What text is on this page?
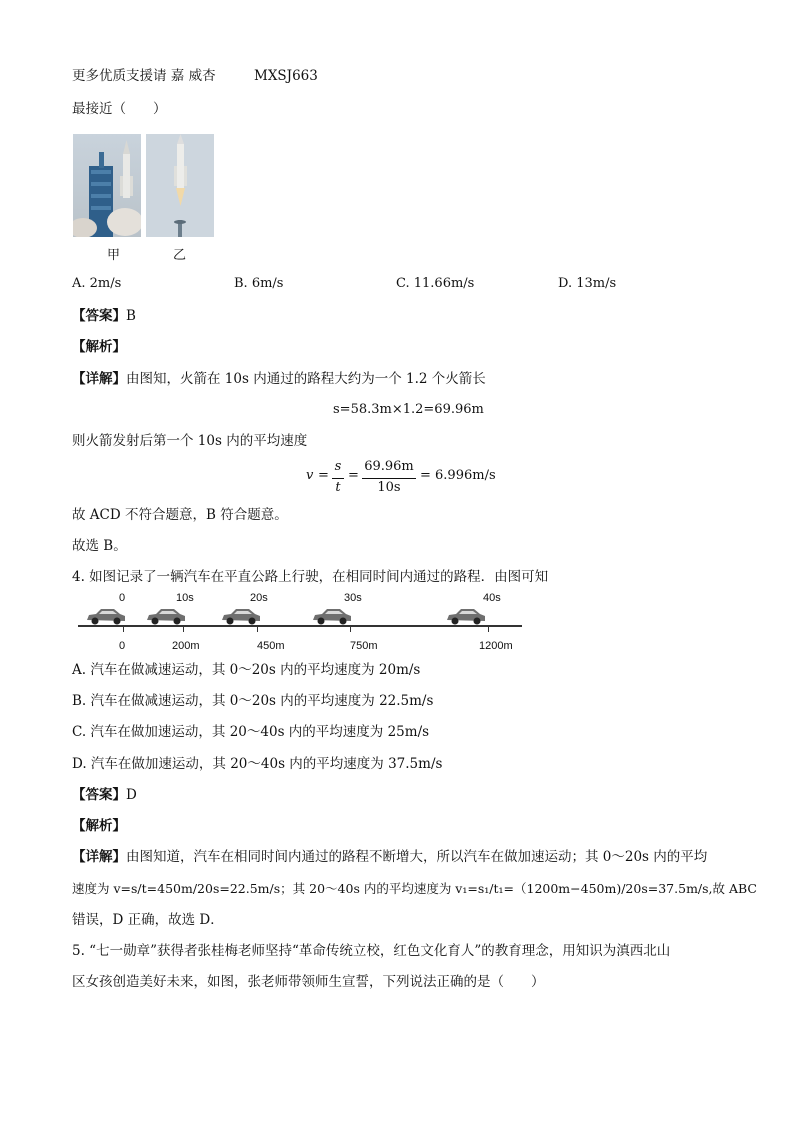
更多优质支援请 嘉 威杏	MXSJ663
最接近（　　）
甲	乙
A. 2m/s	B. 6m/s	C. 11.66m/s	D. 13m/s
【答案】B
【解析】
【详解】由图知，火箭在 10s 内通过的路程大约为一个 1.2 个火箭长
s=58.3m×1.2=69.96m
则火箭发射后第一个 10s 内的平均速度
v =
s
t
=
69.96m
10s
= 6.996m/s
故 ACD 不符合题意，B 符合题意。
故选 B。
4. 如图记录了一辆汽车在平直公路上行驶，在相同时间内通过的路程．由图可知
0	10s	20s	30s	40s
0	200m	450m	750m	1200m
A. 汽车在做减速运动，其 0～20s 内的平均速度为 20m/s
B. 汽车在做减速运动，其 0～20s 内的平均速度为 22.5m/s
C. 汽车在做加速运动，其 20～40s 内的平均速度为 25m/s
D. 汽车在做加速运动，其 20～40s 内的平均速度为 37.5m/s
【答案】D
【解析】
【详解】由图知道，汽车在相同时间内通过的路程不断增大，所以汽车在做加速运动；其 0～20s 内的平均
速度为 v=s/t=450m/20s=22.5m/s；其 20～40s 内的平均速度为 v₁=s₁/t₁=（1200m−450m)/20s=37.5m/s,故 ABC
错误，D 正确，故选 D．
5. “七一勋章”获得者张桂梅老师坚持“革命传统立校，红色文化育人”的教育理念，用知识为滇西北山
区女孩创造美好未来，如图，张老师带领师生宣誓，下列说法正确的是（　　）
